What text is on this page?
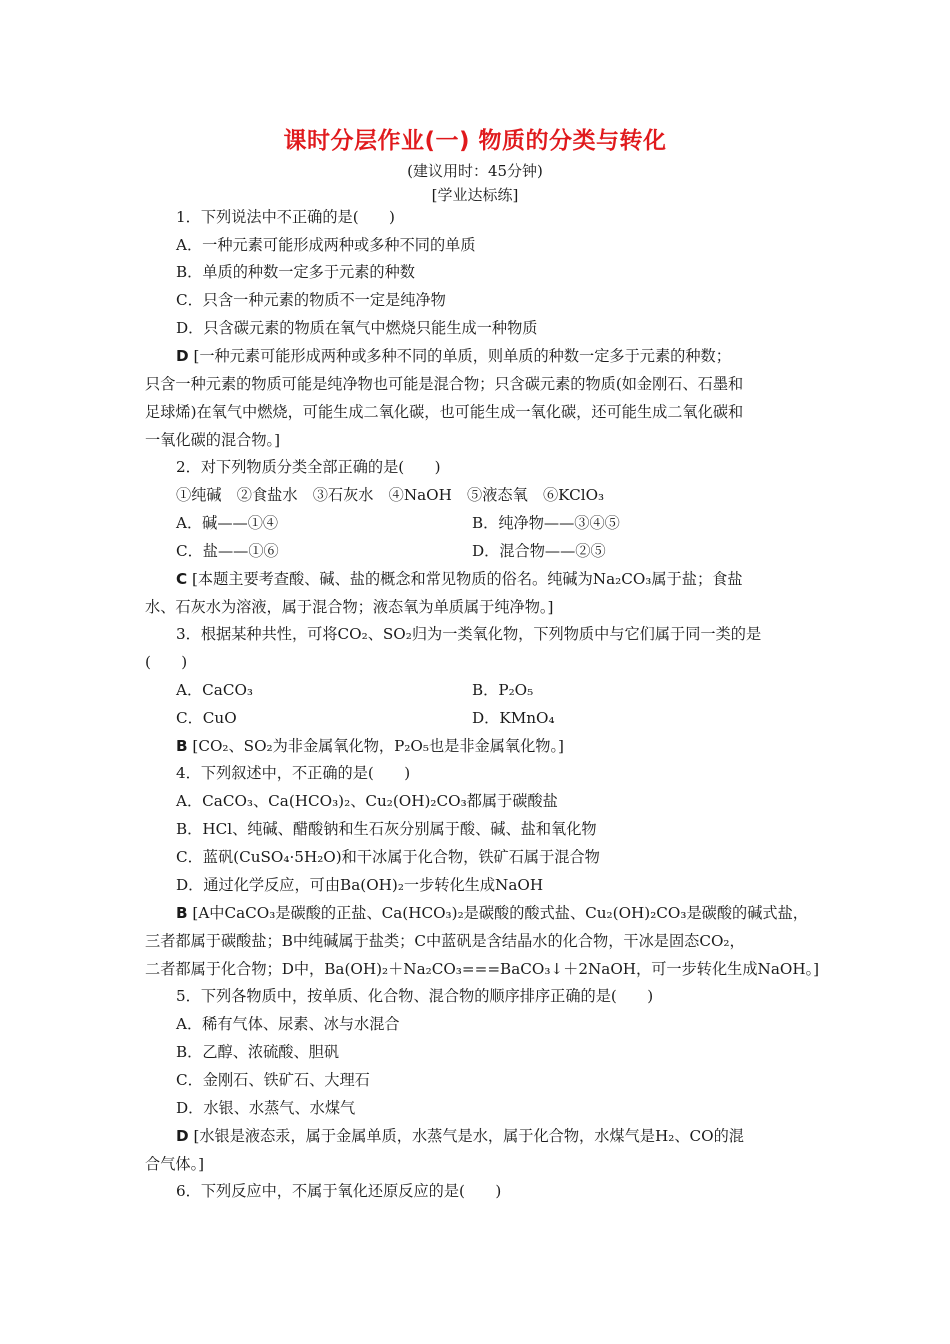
课时分层作业(一) 物质的分类与转化
(建议用时：45分钟)
[学业达标练]
1．下列说法中不正确的是(　　)
A．一种元素可能形成两种或多种不同的单质
B．单质的种数一定多于元素的种数
C．只含一种元素的物质不一定是纯净物
D．只含碳元素的物质在氧气中燃烧只能生成一种物质
D [一种元素可能形成两种或多种不同的单质，则单质的种数一定多于元素的种数；
只含一种元素的物质可能是纯净物也可能是混合物；只含碳元素的物质(如金刚石、石墨和
足球烯)在氧气中燃烧，可能生成二氧化碳，也可能生成一氧化碳，还可能生成二氧化碳和
一氧化碳的混合物。]
2．对下列物质分类全部正确的是(　　)
①纯碱　②食盐水　③石灰水　④NaOH　⑤液态氧　⑥KClO₃
A．碱——①④	B．纯净物——③④⑤
C．盐——①⑥	D．混合物——②⑤
C [本题主要考查酸、碱、盐的概念和常见物质的俗名。纯碱为Na₂CO₃属于盐；食盐
水、石灰水为溶液，属于混合物；液态氧为单质属于纯净物。]
3．根据某种共性，可将CO₂、SO₂归为一类氧化物，下列物质中与它们属于同一类的是
(　　)
A．CaCO₃	B．P₂O₅
C．CuO	D．KMnO₄
B [CO₂、SO₂为非金属氧化物，P₂O₅也是非金属氧化物。]
4．下列叙述中，不正确的是(　　)
A．CaCO₃、Ca(HCO₃)₂、Cu₂(OH)₂CO₃都属于碳酸盐
B．HCl、纯碱、醋酸钠和生石灰分别属于酸、碱、盐和氧化物
C．蓝矾(CuSO₄·5H₂O)和干冰属于化合物，铁矿石属于混合物
D．通过化学反应，可由Ba(OH)₂一步转化生成NaOH
B [A中CaCO₃是碳酸的正盐、Ca(HCO₃)₂是碳酸的酸式盐、Cu₂(OH)₂CO₃是碳酸的碱式盐，
三者都属于碳酸盐；B中纯碱属于盐类；C中蓝矾是含结晶水的化合物，干冰是固态CO₂，
二者都属于化合物；D中，Ba(OH)₂＋Na₂CO₃===BaCO₃↓＋2NaOH，可一步转化生成NaOH。]
5．下列各物质中，按单质、化合物、混合物的顺序排序正确的是(　　)
A．稀有气体、尿素、冰与水混合
B．乙醇、浓硫酸、胆矾
C．金刚石、铁矿石、大理石
D．水银、水蒸气、水煤气
D [水银是液态汞，属于金属单质，水蒸气是水，属于化合物，水煤气是H₂、CO的混
合气体。]
6．下列反应中，不属于氧化还原反应的是(　　)
